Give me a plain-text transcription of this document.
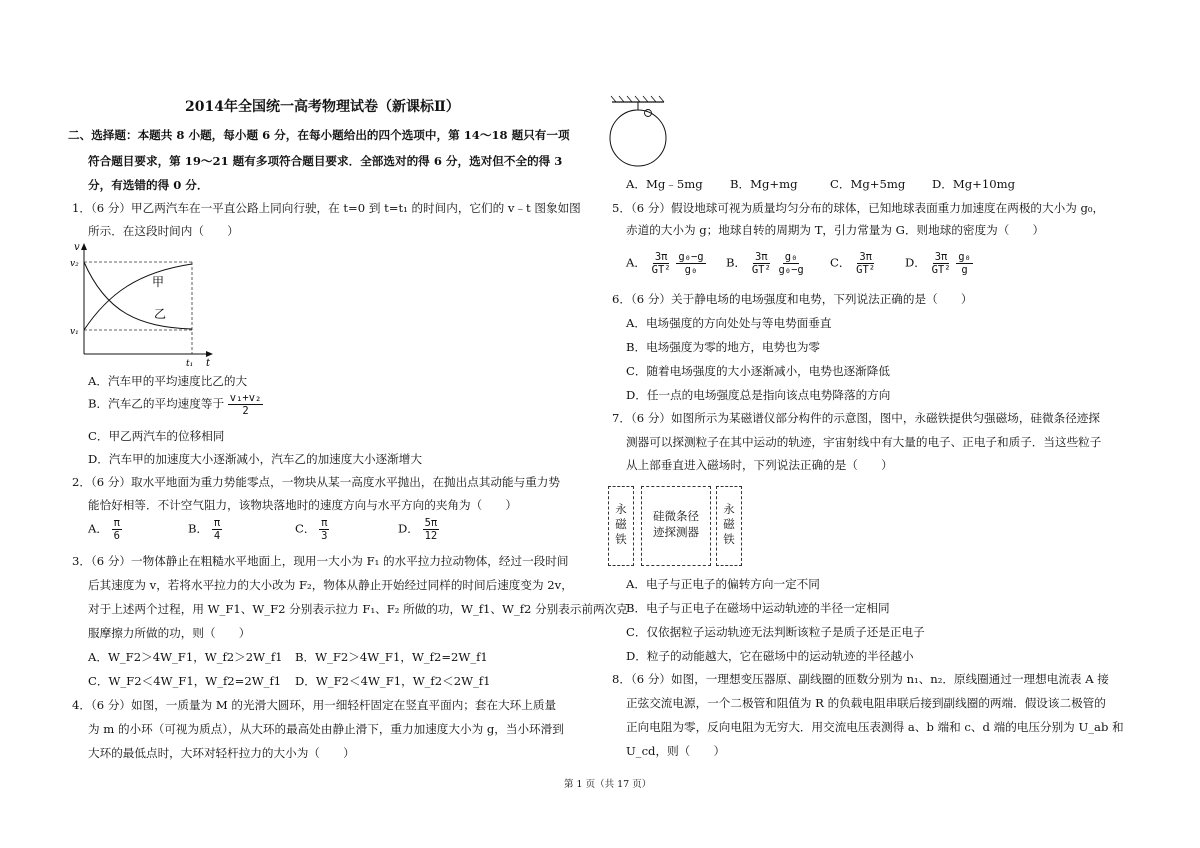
2014年全国统一高考物理试卷（新课标Ⅱ）
二、选择题：本题共 8 小题，每小题 6 分，在每小题给出的四个选项中，第 14～18 题只有一项
符合题目要求，第 19～21 题有多项符合题目要求．全部选对的得 6 分，选对但不全的得 3
分，有选错的得 0 分．
1．（6 分）甲乙两汽车在一平直公路上同向行驶，在 t=0 到 t=t₁ 的时间内，它们的 v﹣t 图象如图
所示．在这段时间内（　　）
v
t
v₂
v₁
t₁
甲
乙
A．汽车甲的平均速度比乙的大
B．汽车乙的平均速度等于 $\frac{\text{v₁+v₂}}{2}$
C．甲乙两汽车的位移相同
D．汽车甲的加速度大小逐渐减小，汽车乙的加速度大小逐渐增大
2．（6 分）取水平地面为重力势能零点，一物块从某一高度水平抛出，在抛出点其动能与重力势
能恰好相等．不计空气阻力，该物块落地时的速度方向与水平方向的夹角为（　　）
A． $\frac{\pi}{6}$	B． $\frac{\pi}{4}$	C． $\frac{\pi}{3}$	D． $\frac{5\pi}{12}$
3．（6 分）一物体静止在粗糙水平地面上，现用一大小为 F₁ 的水平拉力拉动物体，经过一段时间
后其速度为 v，若将水平拉力的大小改为 F₂，物体从静止开始经过同样的时间后速度变为 2v，
对于上述两个过程，用 W_F1、W_F2 分别表示拉力 F₁、F₂ 所做的功，W_f1、W_f2 分别表示前两次克
服摩擦力所做的功，则（　　）
A．W_F2＞4W_F1，W_f2＞2W_f1 B．W_F2＞4W_F1，W_f2=2W_f1
C．W_F2＜4W_F1，W_f2=2W_f1 D．W_F2＜4W_F1，W_f2＜2W_f1
4．（6 分）如图，一质量为 M 的光滑大圆环，用一细轻杆固定在竖直平面内；套在大环上质量
为 m 的小环（可视为质点），从大环的最高处由静止滑下，重力加速度大小为 g，当小环滑到
大环的最低点时，大环对轻杆拉力的大小为（　　）
A．Mg﹣5mg B．Mg+mg	C．Mg+5mg D．Mg+10mg
5．（6 分）假设地球可视为质量均匀分布的球体，已知地球表面重力加速度在两极的大小为 g₀，
赤道的大小为 g；地球自转的周期为 T，引力常量为 G．则地球的密度为（　　）
A． $\frac{3\pi}{\text{GT²}}$
$\frac{\text{g₀−g}}{\text{g₀}}$ B． $\frac{3\pi}{\text{GT²}}$
$\frac{\text{g₀}}{\text{g₀−g}}$ C． $\frac{3\pi}{\text{GT²}}$ D． $\frac{3\pi}{\text{GT²}}$
$\frac{\text{g₀}}{g}$
6．（6 分）关于静电场的电场强度和电势，下列说法正确的是（　　）
A．电场强度的方向处处与等电势面垂直
B．电场强度为零的地方，电势也为零
C．随着电场强度的大小逐渐减小，电势也逐渐降低
D．任一点的电场强度总是指向该点电势降落的方向
7．（6 分）如图所示为某磁谱仪部分构件的示意图，图中，永磁铁提供匀强磁场，硅微条径迹探
测器可以探测粒子在其中运动的轨迹，宇宙射线中有大量的电子、正电子和质子．当这些粒子
从上部垂直进入磁场时，下列说法正确的是（　　）
永磁铁
硅微条径
迹探测器
永磁铁
A．电子与正电子的偏转方向一定不同
B．电子与正电子在磁场中运动轨迹的半径一定相同
C．仅依据粒子运动轨迹无法判断该粒子是质子还是正电子
D．粒子的动能越大，它在磁场中的运动轨迹的半径越小
8．（6 分）如图，一理想变压器原、副线圈的匝数分别为 n₁、n₂．原线圈通过一理想电流表 A 接
正弦交流电源，一个二极管和阻值为 R 的负载电阻串联后接到副线圈的两端．假设该二极管的
正向电阻为零，反向电阻为无穷大．用交流电压表测得 a、b 端和 c、d 端的电压分别为 U_ab 和
U_cd，则（　　）
第 1 页（共 17 页）
